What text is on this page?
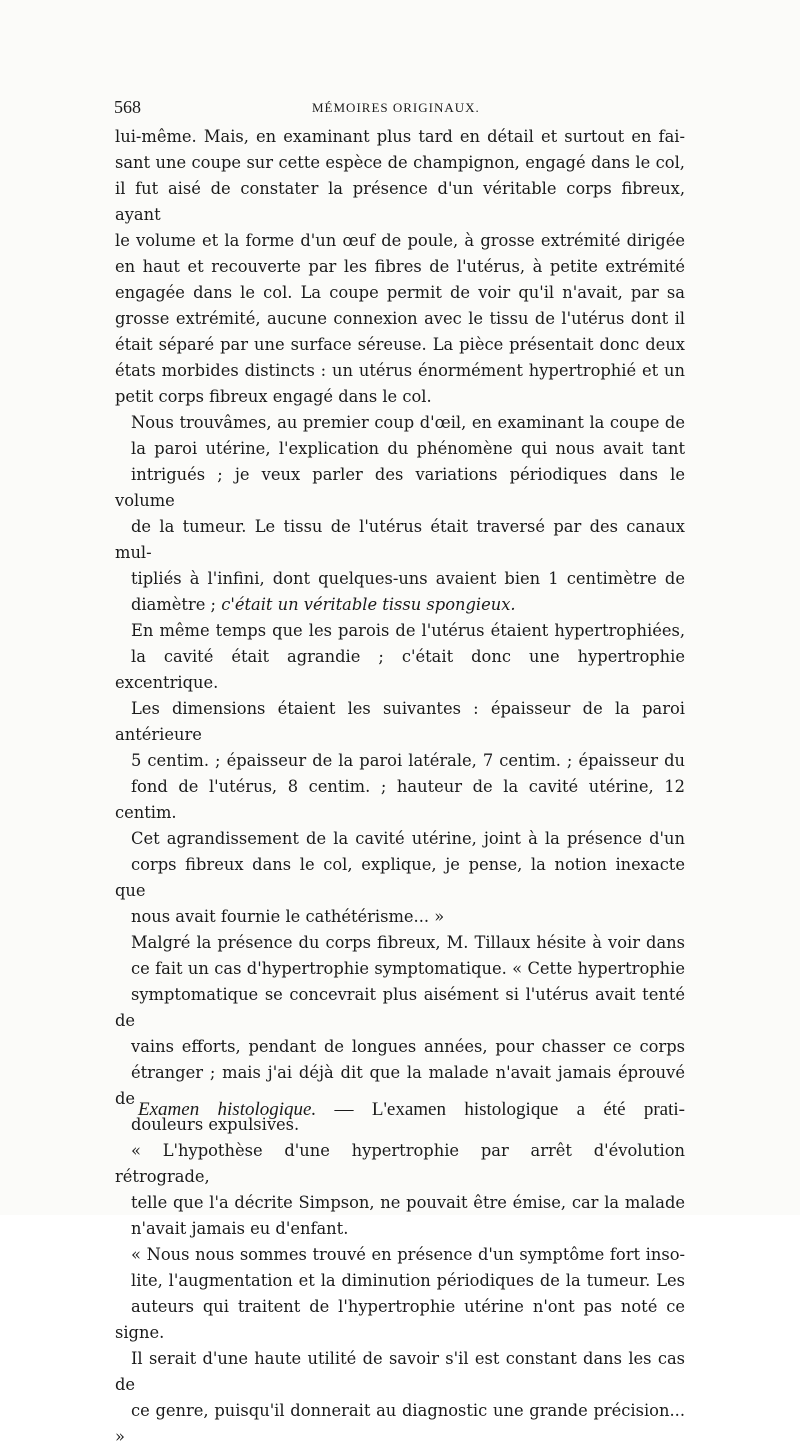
568	MÉMOIRES ORIGINAUX.

lui-même. Mais, en examinant plus tard en détail et surtout en fai-
sant une coupe sur cette espèce de champignon, engagé dans le col,
il fut aisé de constater la présence d'un véritable corps fibreux, ayant
le volume et la forme d'un œuf de poule, à grosse extrémité dirigée
en haut et recouverte par les fibres de l'utérus, à petite extrémité
engagée dans le col. La coupe permit de voir qu'il n'avait, par sa
grosse extrémité, aucune connexion avec le tissu de l'utérus dont il
était séparé par une surface séreuse. La pièce présentait donc deux
états morbides distincts : un utérus énormément hypertrophié et un
petit corps fibreux engagé dans le col.

Nous trouvâmes, au premier coup d'œil, en examinant la coupe de
la paroi utérine, l'explication du phénomène qui nous avait tant
intrigués ; je veux parler des variations périodiques dans le volume
de la tumeur. Le tissu de l'utérus était traversé par des canaux mul-
tipliés à l'infini, dont quelques-uns avaient bien 1 centimètre de
diamètre ; c'était un véritable tissu spongieux.

En même temps que les parois de l'utérus étaient hypertrophiées,
la cavité était agrandie ; c'était donc une hypertrophie excentrique.
Les dimensions étaient les suivantes : épaisseur de la paroi antérieure
5 centim. ; épaisseur de la paroi latérale, 7 centim. ; épaisseur du
fond de l'utérus, 8 centim. ; hauteur de la cavité utérine, 12 centim.

Cet agrandissement de la cavité utérine, joint à la présence d'un
corps fibreux dans le col, explique, je pense, la notion inexacte que
nous avait fournie le cathétérisme... »

Malgré la présence du corps fibreux, M. Tillaux hésite à voir dans
ce fait un cas d'hypertrophie symptomatique. « Cette hypertrophie
symptomatique se concevrait plus aisément si l'utérus avait tenté de
vains efforts, pendant de longues années, pour chasser ce corps
étranger ; mais j'ai déjà dit que la malade n'avait jamais éprouvé de
douleurs expulsives.

« L'hypothèse d'une hypertrophie par arrêt d'évolution rétrograde,
telle que l'a décrite Simpson, ne pouvait être émise, car la malade
n'avait jamais eu d'enfant.

« Nous nous sommes trouvé en présence d'un symptôme fort inso-
lite, l'augmentation et la diminution périodiques de la tumeur. Les
auteurs qui traitent de l'hypertrophie utérine n'ont pas noté ce signe.
Il serait d'une haute utilité de savoir s'il est constant dans les cas de
ce genre, puisqu'il donnerait au diagnostic une grande précision... »

Examen histologique. — L'examen histologique a été prati-
